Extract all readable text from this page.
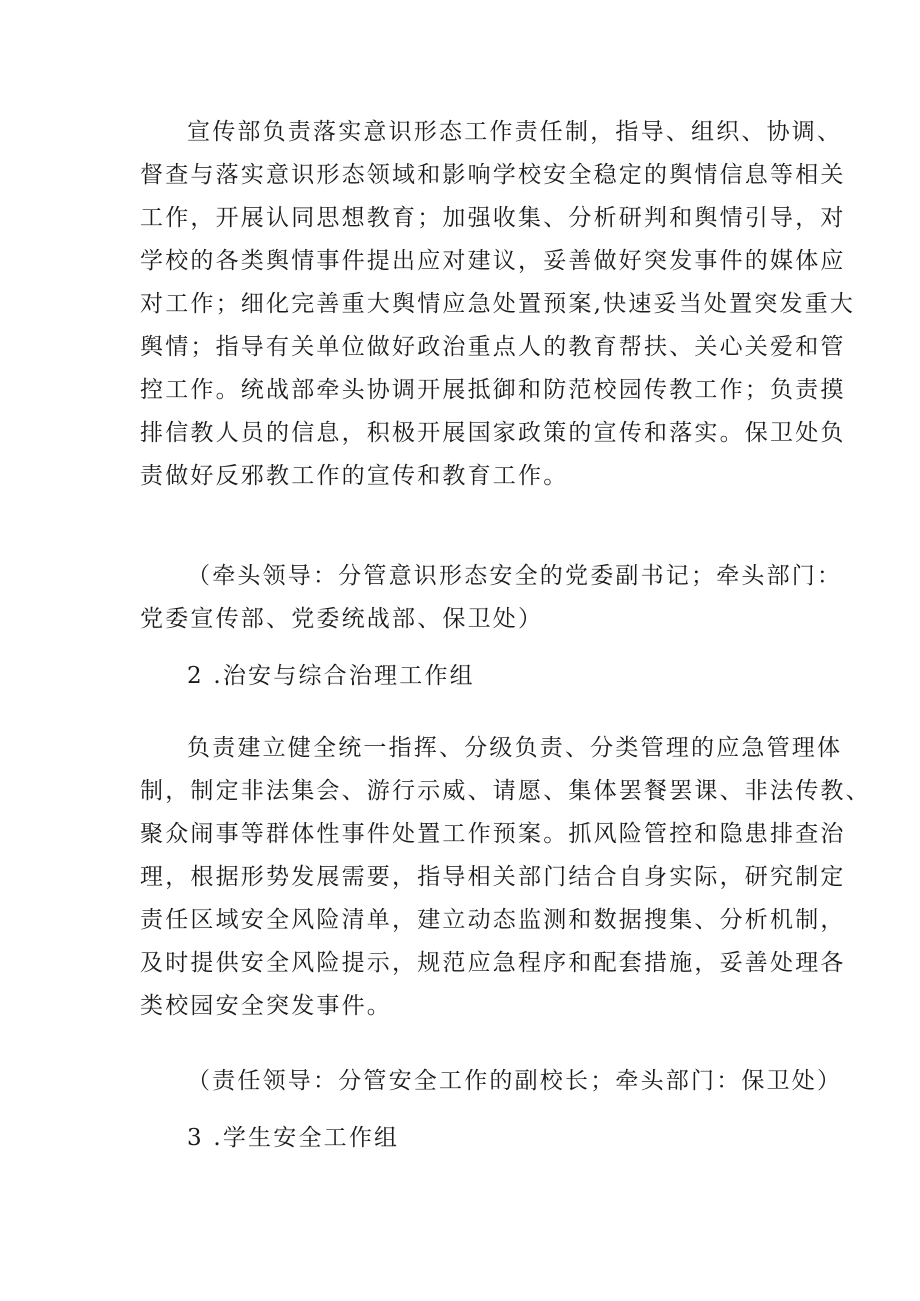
宣传部负责落实意识形态工作责任制，指导、组织、协调、
督查与落实意识形态领域和影响学校安全稳定的舆情信息等相关
工作，开展认同思想教育；加强收集、分析研判和舆情引导，对
学校的各类舆情事件提出应对建议，妥善做好突发事件的媒体应
对工作；细化完善重大舆情应急处置预案,快速妥当处置突发重大
舆情；指导有关单位做好政治重点人的教育帮扶、关心关爱和管
控工作。统战部牵头协调开展抵御和防范校园传教工作；负责摸
排信教人员的信息，积极开展国家政策的宣传和落实。保卫处负
责做好反邪教工作的宣传和教育工作。
（牵头领导：分管意识形态安全的党委副书记；牵头部门：
党委宣传部、党委统战部、保卫处）
2 .治安与综合治理工作组
负责建立健全统一指挥、分级负责、分类管理的应急管理体
制，制定非法集会、游行示威、请愿、集体罢餐罢课、非法传教、
聚众闹事等群体性事件处置工作预案。抓风险管控和隐患排查治
理，根据形势发展需要，指导相关部门结合自身实际，研究制定
责任区域安全风险清单，建立动态监测和数据搜集、分析机制，
及时提供安全风险提示，规范应急程序和配套措施，妥善处理各
类校园安全突发事件。
（责任领导：分管安全工作的副校长；牵头部门：保卫处）
3 .学生安全工作组
